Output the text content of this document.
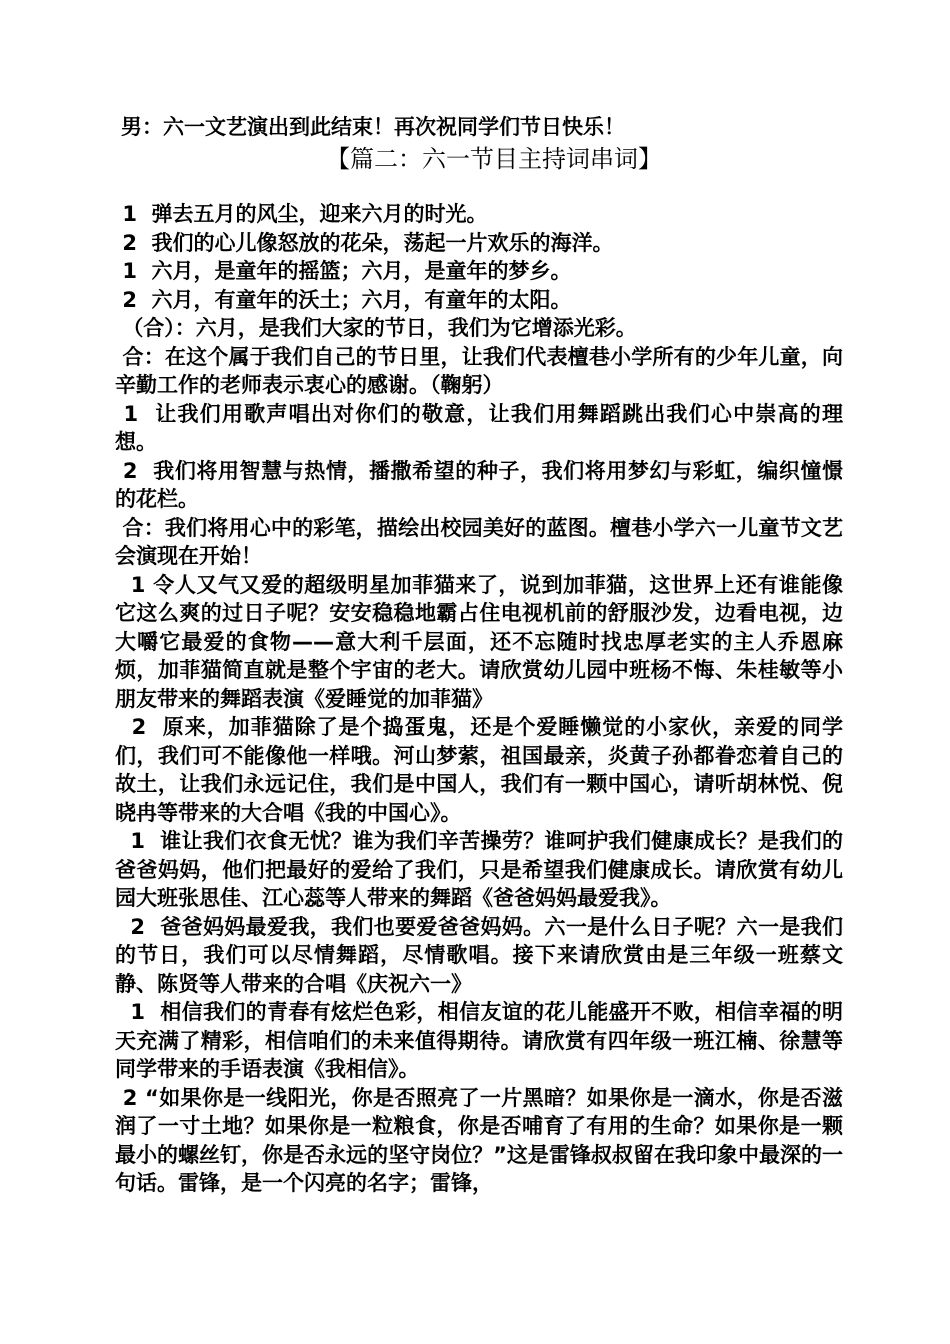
男：六一文艺演出到此结束！再次祝同学们节日快乐！
【篇二：六一节目主持词串词】

1  弹去五月的风尘，迎来六月的时光。

2  我们的心儿像怒放的花朵，荡起一片欢乐的海洋。

1  六月，是童年的摇篮；六月，是童年的梦乡。

2  六月，有童年的沃土；六月，有童年的太阳。

（合）：六月，是我们大家的节日，我们为它增添光彩。

合：在这个属于我们自己的节日里，让我们代表檀巷小学所有的少年儿童，向辛勤工作的老师表示衷心的感谢。（鞠躬）

1  让我们用歌声唱出对你们的敬意，让我们用舞蹈跳出我们心中崇高的理想。

2  我们将用智慧与热情，播撒希望的种子，我们将用梦幻与彩虹，编织憧憬的花栏。

合：我们将用心中的彩笔，描绘出校园美好的蓝图。檀巷小学六一儿童节文艺会演现在开始！

1 令人又气又爱的超级明星加菲猫来了，说到加菲猫，这世界上还有谁能像它这么爽的过日子呢？安安稳稳地霸占住电视机前的舒服沙发，边看电视，边大嚼它最爱的食物——意大利千层面，还不忘随时找忠厚老实的主人乔恩麻烦，加菲猫简直就是整个宇宙的老大。请欣赏幼儿园中班杨不悔、朱桂敏等小朋友带来的舞蹈表演《爱睡觉的加菲猫》

2  原来，加菲猫除了是个捣蛋鬼，还是个爱睡懒觉的小家伙，亲爱的同学们，我们可不能像他一样哦。河山梦萦，祖国最亲，炎黄子孙都眷恋着自己的故土，让我们永远记住，我们是中国人，我们有一颗中国心，请听胡林悦、倪晓冉等带来的大合唱《我的中国心》。

1  谁让我们衣食无忧？谁为我们辛苦操劳？谁呵护我们健康成长？是我们的爸爸妈妈，他们把最好的爱给了我们，只是希望我们健康成长。请欣赏有幼儿园大班张思佳、江心蕊等人带来的舞蹈《爸爸妈妈最爱我》。

2  爸爸妈妈最爱我，我们也要爱爸爸妈妈。六一是什么日子呢？六一是我们的节日，我们可以尽情舞蹈，尽情歌唱。接下来请欣赏由是三年级一班蔡文静、陈贤等人带来的合唱《庆祝六一》

1  相信我们的青春有炫烂色彩，相信友谊的花儿能盛开不败，相信幸福的明天充满了精彩，相信咱们的未来值得期待。请欣赏有四年级一班江楠、徐慧等同学带来的手语表演《我相信》。

2 “如果你是一线阳光，你是否照亮了一片黑暗？如果你是一滴水，你是否滋润了一寸土地？如果你是一粒粮食，你是否哺育了有用的生命？如果你是一颗最小的螺丝钉，你是否永远的坚守岗位？”这是雷锋叔叔留在我印象中最深的一句话。雷锋，是一个闪亮的名字；雷锋，
